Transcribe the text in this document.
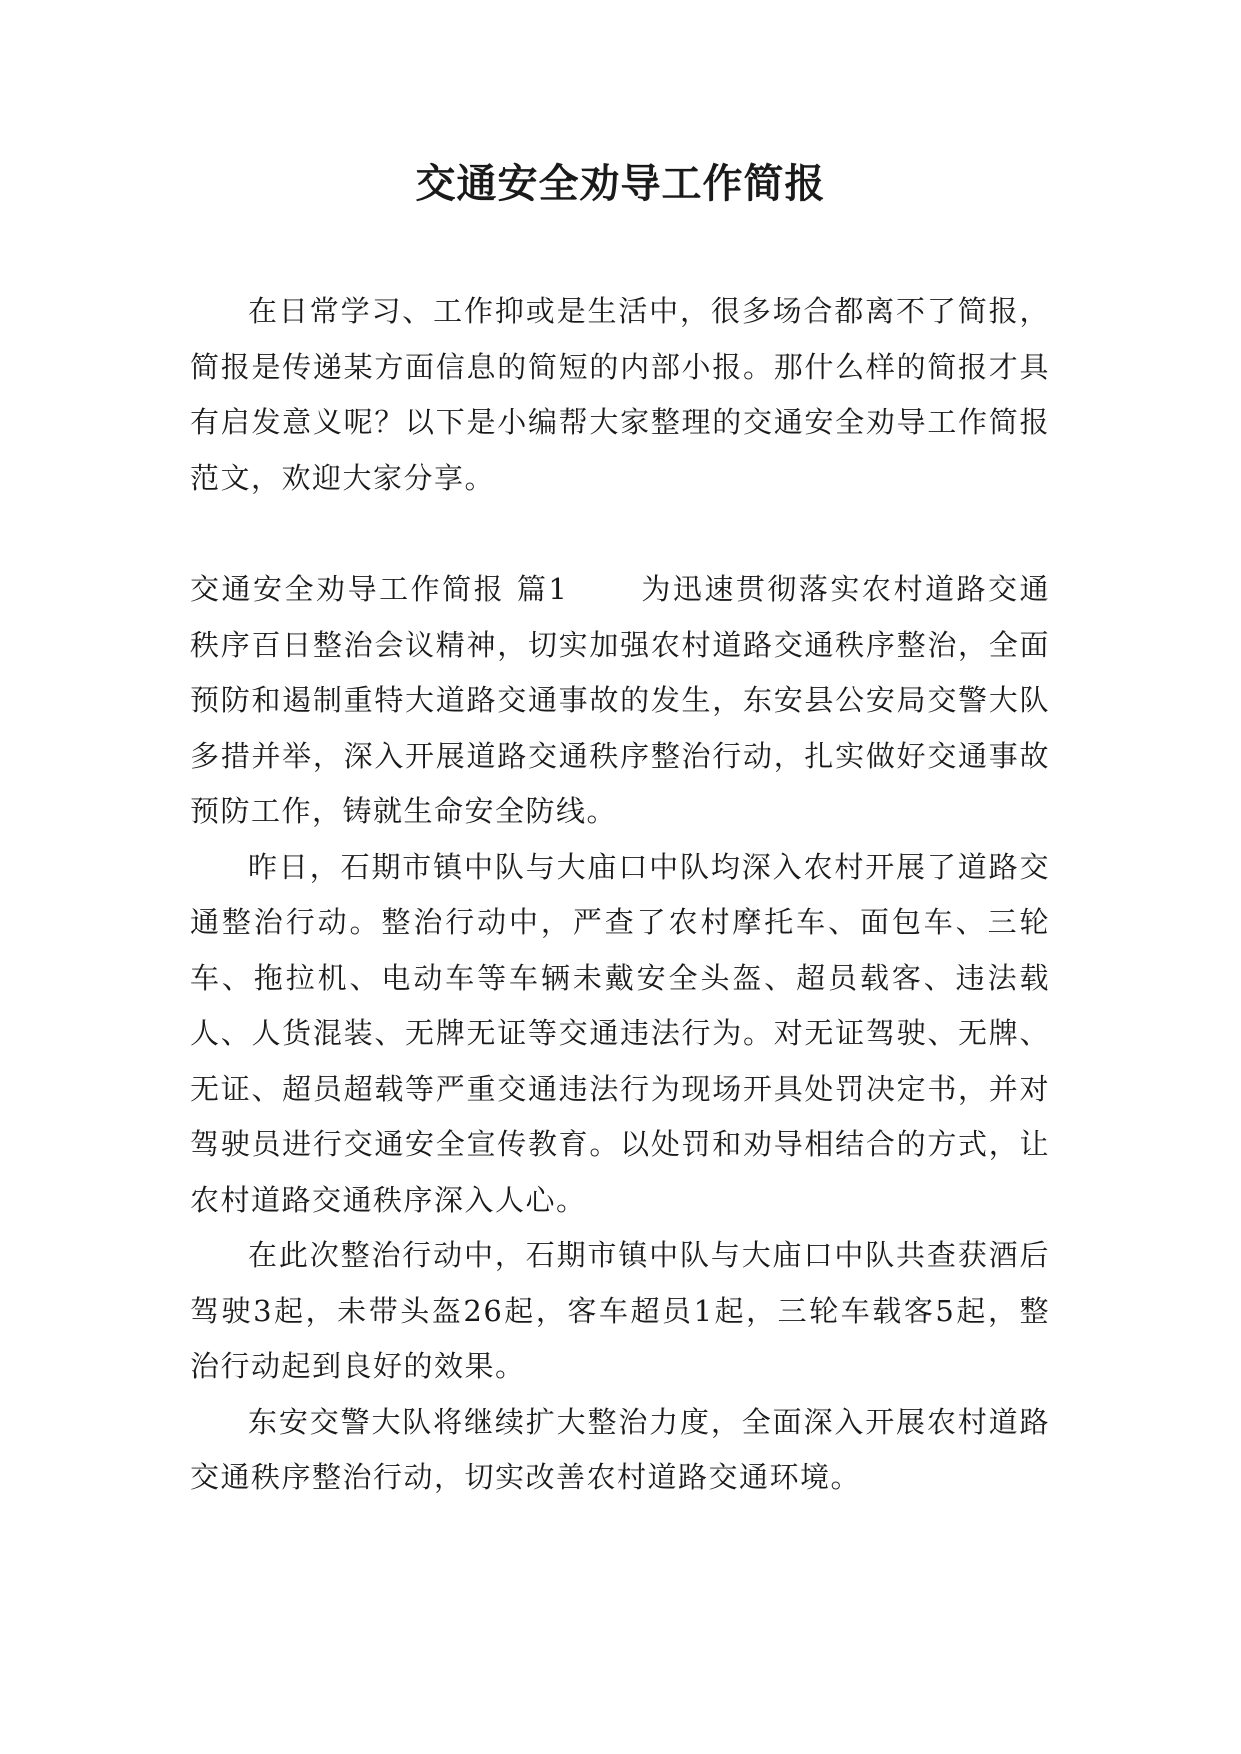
交通安全劝导工作简报

在日常学习、工作抑或是生活中，很多场合都离不了简报，简报是传递某方面信息的简短的内部小报。那什么样的简报才具有启发意义呢？以下是小编帮大家整理的交通安全劝导工作简报范文，欢迎大家分享。

交通安全劝导工作简报 篇1 为迅速贯彻落实农村道路交通秩序百日整治会议精神，切实加强农村道路交通秩序整治，全面预防和遏制重特大道路交通事故的发生，东安县公安局交警大队多措并举，深入开展道路交通秩序整治行动，扎实做好交通事故预防工作，铸就生命安全防线。

昨日，石期市镇中队与大庙口中队均深入农村开展了道路交通整治行动。整治行动中，严查了农村摩托车、面包车、三轮车、拖拉机、电动车等车辆未戴安全头盔、超员载客、违法载人、人货混装、无牌无证等交通违法行为。对无证驾驶、无牌、无证、超员超载等严重交通违法行为现场开具处罚决定书，并对驾驶员进行交通安全宣传教育。以处罚和劝导相结合的方式，让农村道路交通秩序深入人心。

在此次整治行动中，石期市镇中队与大庙口中队共查获酒后驾驶3起，未带头盔26起，客车超员1起，三轮车载客5起，整治行动起到良好的效果。

东安交警大队将继续扩大整治力度，全面深入开展农村道路交通秩序整治行动，切实改善农村道路交通环境。
